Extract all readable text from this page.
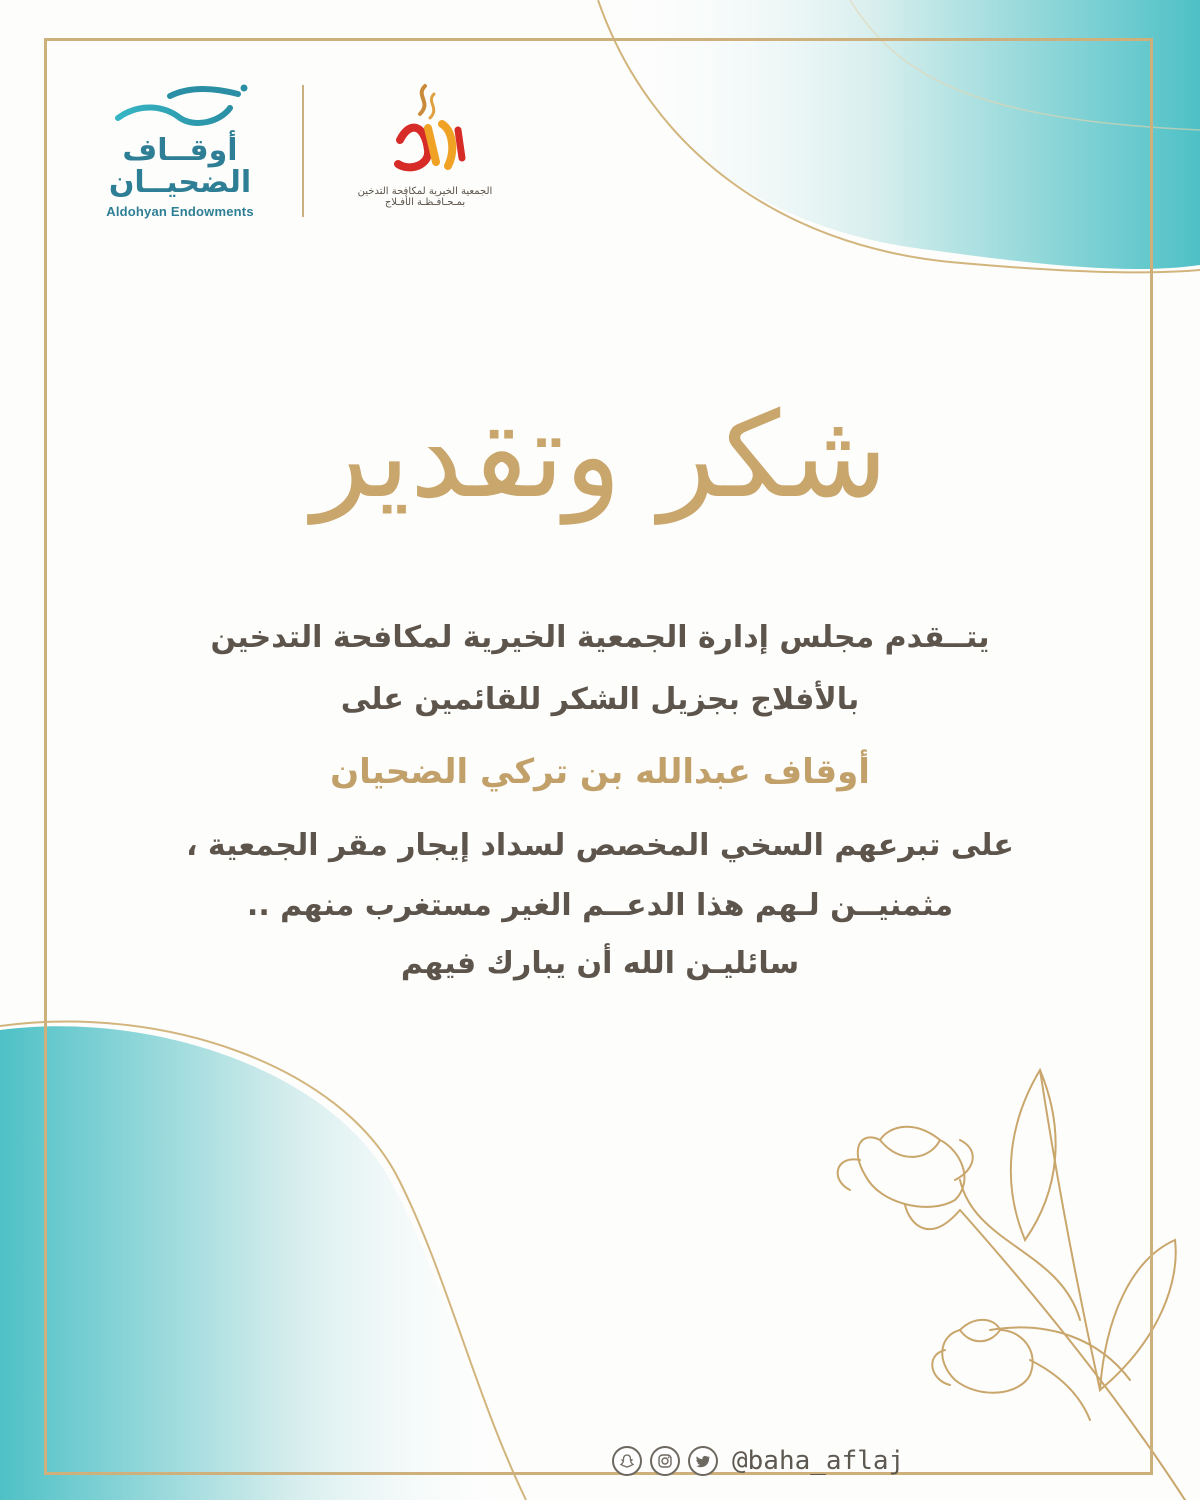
أوقــاف
الضحيــان
Aldohyan Endowments
الجمعية الخيرية لمكافحة التدخين
بمـحـافـظـة الأفـلاج
شكر وتقدير
يتــقدم مجلس إدارة الجمعية الخيرية لمكافحة التدخين
بالأفلاج بجزيل الشكر للقائمين على
أوقاف عبدالله بن تركي الضحيان
على تبرعهم السخي المخصص لسداد إيجار مقر الجمعية ،
مثمنيــن لـهم هذا الدعــم الغير مستغرب منهم ..
سائليـن الله أن يبارك فيهم
@baha_aflaj
